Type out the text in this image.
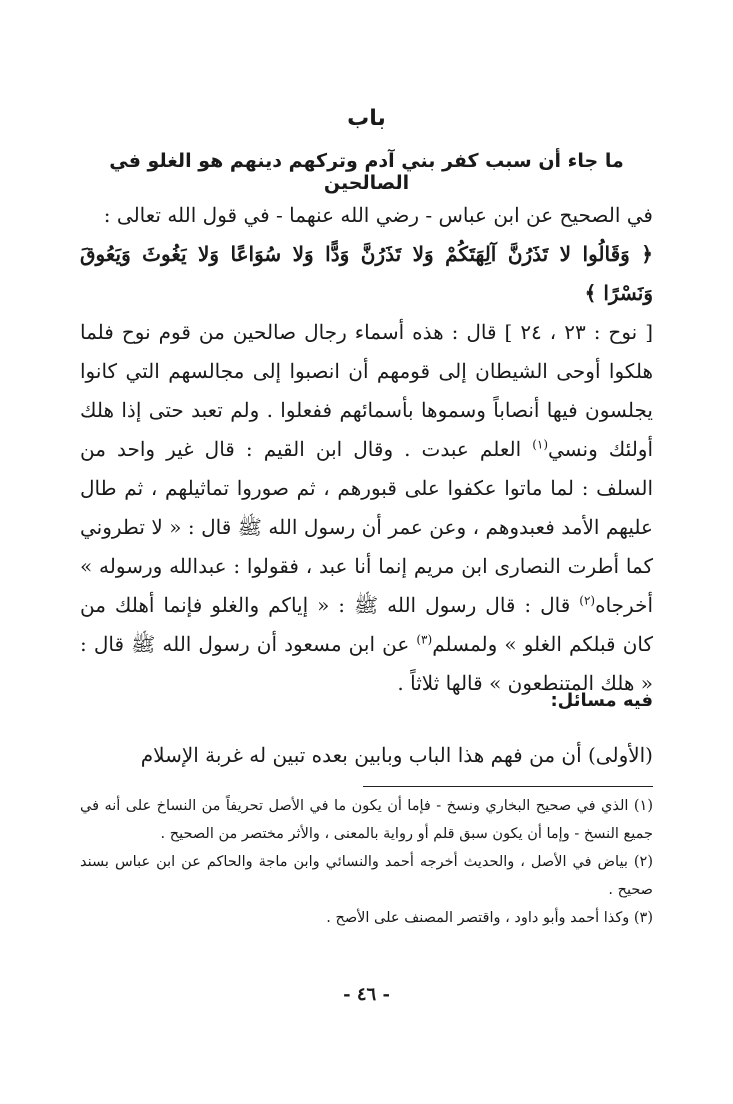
باب
ما جاء أن سبب كفر بني آدم وتركهم دينهم هو الغلو في الصالحين

في الصحيح عن ابن عباس - رضي الله عنهما - في قول الله تعالى :

﴿ وَقَالُوا لا تَذَرُنَّ آلِهَتَكُمْ وَلا تَذَرُنَّ وَدًّا وَلا سُوَاعًا وَلا يَغُوثَ وَيَعُوقَ وَنَسْرًا ﴾

[ نوح : ٢٣ ، ٢٤ ] قال : هذه أسماء رجال صالحين من قوم نوح فلما هلكوا أوحى الشيطان إلى قومهم أن انصبوا إلى مجالسهم التي كانوا يجلسون فيها أنصاباً وسموها بأسمائهم ففعلوا . ولم تعبد حتى إذا هلك أولئك ونسي$^{(١)}$ العلم عبدت . وقال ابن القيم : قال غير واحد من السلف : لما ماتوا عكفوا على قبورهم ، ثم صوروا تماثيلهم ، ثم طال عليهم الأمد فعبدوهم ، وعن عمر أن رسول الله ﷺ قال : « لا تطروني كما أطرت النصارى ابن مريم إنما أنا عبد ، فقولوا : عبدالله ورسوله » أخرجاه$^{(٢)}$ قال : قال رسول الله ﷺ : « إياكم والغلو فإنما أهلك من كان قبلكم الغلو » ولمسلم$^{(٣)}$ عن ابن مسعود أن رسول الله ﷺ قال : « هلك المتنطعون » قالها ثلاثاً .

فيه مسائل:
(الأولى) أن من فهم هذا الباب وبابين بعده تبين له غربة الإسلام

(١) الذي في صحيح البخاري ونسخ - فإما أن يكون ما في الأصل تحريفاً من النساخ على أنه في جميع النسخ - وإما أن يكون سبق قلم أو رواية بالمعنى ، والأثر مختصر من الصحيح .

(٢) بياض في الأصل ، والحديث أخرجه أحمد والنسائي وابن ماجة والحاكم عن ابن عباس بسند صحيح .

(٣) وكذا أحمد وأبو داود ، واقتصر المصنف على الأصح .

- ٤٦ -
